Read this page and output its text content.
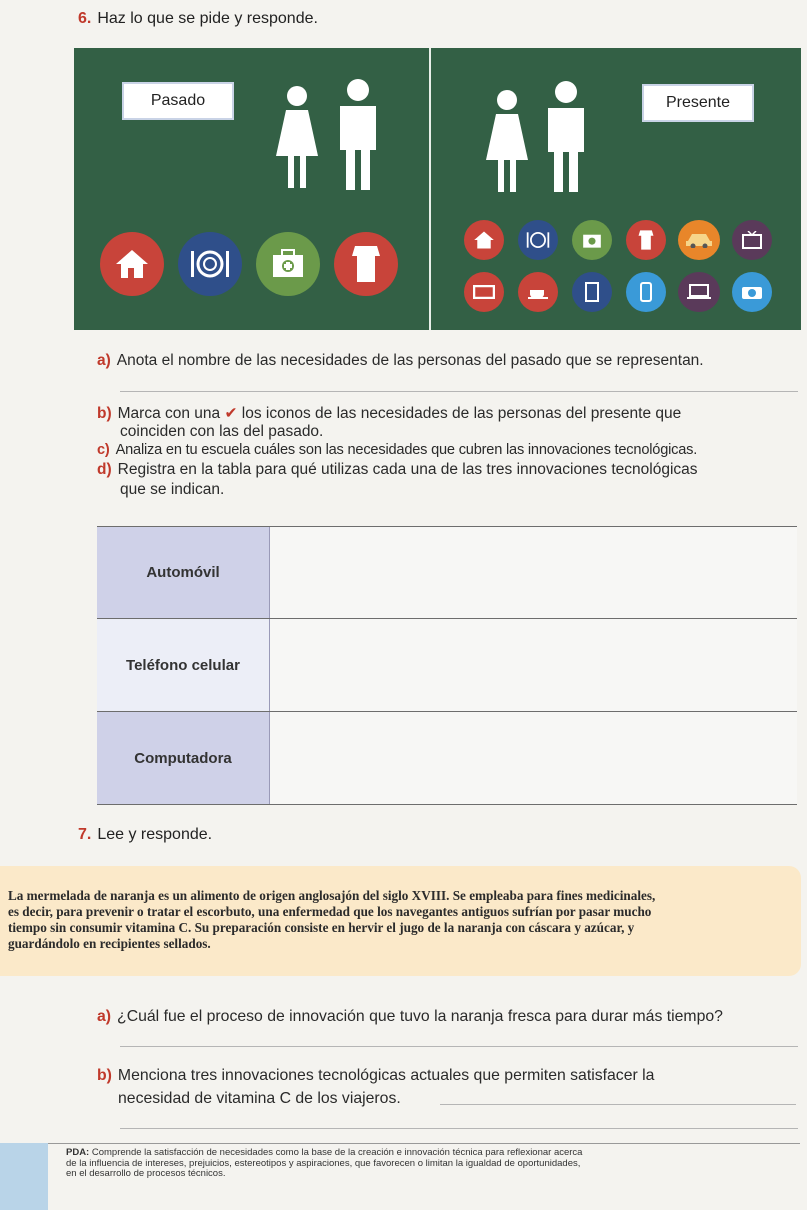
6. Haz lo que se pide y responde.
Pasado	Presente
a) Anota el nombre de las necesidades de las personas del pasado que se representan.
b) Marca con una ✔ los iconos de las necesidades de las personas del presente que
coinciden con las del pasado.
c) Analiza en tu escuela cuáles son las necesidades que cubren las innovaciones tecnológicas.
d) Registra en la tabla para qué utilizas cada una de las tres innovaciones tecnológicas
que se indican.
Automóvil
Teléfono celular
Computadora
7. Lee y responde.
La mermelada de naranja es un alimento de origen anglosajón del siglo XVIII. Se empleaba para fines medicinales,
es decir, para prevenir o tratar el escorbuto, una enfermedad que los navegantes antiguos sufrían por pasar mucho
tiempo sin consumir vitamina C. Su preparación consiste en hervir el jugo de la naranja con cáscara y azúcar, y
guardándolo en recipientes sellados.
a) ¿Cuál fue el proceso de innovación que tuvo la naranja fresca para durar más tiempo?
b) Menciona tres innovaciones tecnológicas actuales que permiten satisfacer la
necesidad de vitamina C de los viajeros.
PDA: Comprende la satisfacción de necesidades como la base de la creación e innovación técnica para reflexionar acerca
de la influencia de intereses, prejuicios, estereotipos y aspiraciones, que favorecen o limitan la igualdad de oportunidades,
en el desarrollo de procesos técnicos.
